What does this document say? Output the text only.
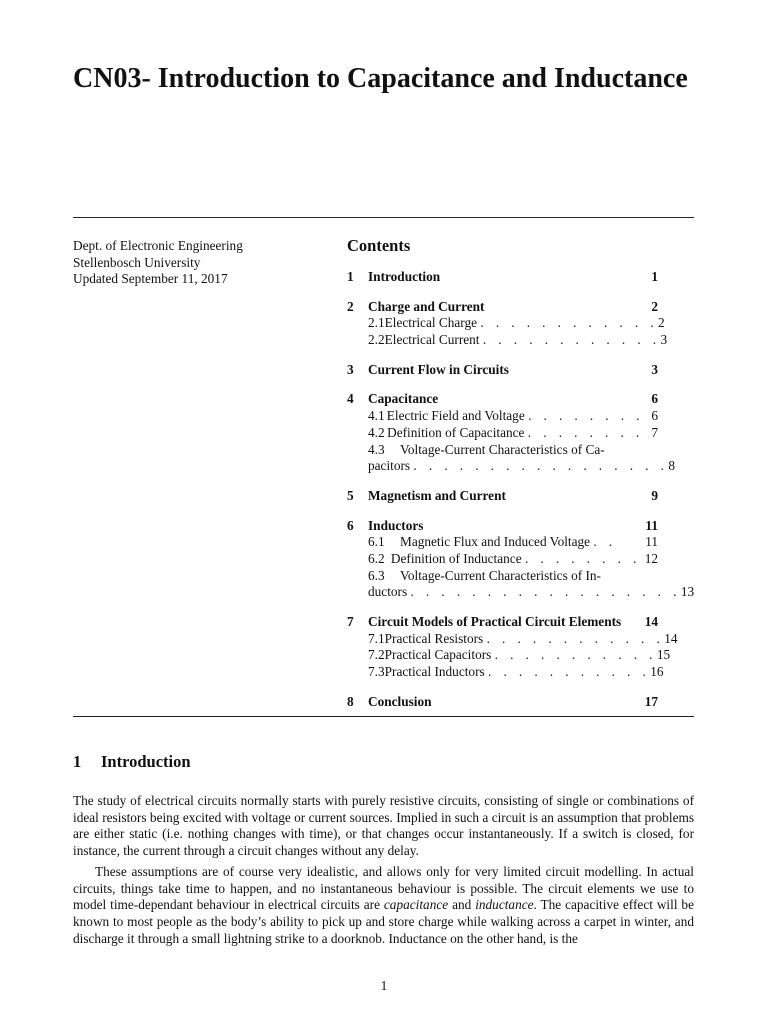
CN03- Introduction to Capacitance and Inductance
Dept. of Electronic Engineering
Stellenbosch University
Updated September 11, 2017
Contents
1	Introduction	1
2	Charge and Current	2
2.1 Electrical Charge . . . . . . . . . . . . 2
2.2 Electrical Current . . . . . . . . . . . . 3
3	Current Flow in Circuits	3
4	Capacitance	6
4.1 Electric Field and Voltage . . . . . . . . 6
4.2 Definition of Capacitance . . . . . . . . 7
4.3	Voltage-Current Characteristics of Ca-
pacitors . . . . . . . . . . . . . . . . . 8
5	Magnetism and Current	9
6	Inductors	11
6.1	Magnetic Flux and Induced Voltage . .	11
6.2 Definition of Inductance . . . . . . . . 12
6.3	Voltage-Current Characteristics of In-
ductors . . . . . . . . . . . . . . . . . . 13
7	Circuit Models of Practical Circuit Elements	14
7.1 Practical Resistors . . . . . . . . . . . . 14
7.2 Practical Capacitors . . . . . . . . . . . 15
7.3 Practical Inductors . . . . . . . . . . . 16
8	Conclusion	17
1	Introduction

The study of electrical circuits normally starts with purely resistive circuits, consisting of single or combinations of ideal resistors being excited with voltage or current sources. Implied in such a circuit is an assumption that problems are either static (i.e. nothing changes with time), or that changes occur instantaneously. If a switch is closed, for instance, the current through a circuit changes without any delay.

These assumptions are of course very idealistic, and allows only for very limited circuit modelling. In actual circuits, things take time to happen, and no instantaneous behaviour is possible. The circuit elements we use to model time-dependant behaviour in electrical circuits are capacitance and inductance. The capacitive effect will be known to most people as the body’s ability to pick up and store charge while walking across a carpet in winter, and discharge it through a small lightning strike to a doorknob. Inductance on the other hand, is the

1
